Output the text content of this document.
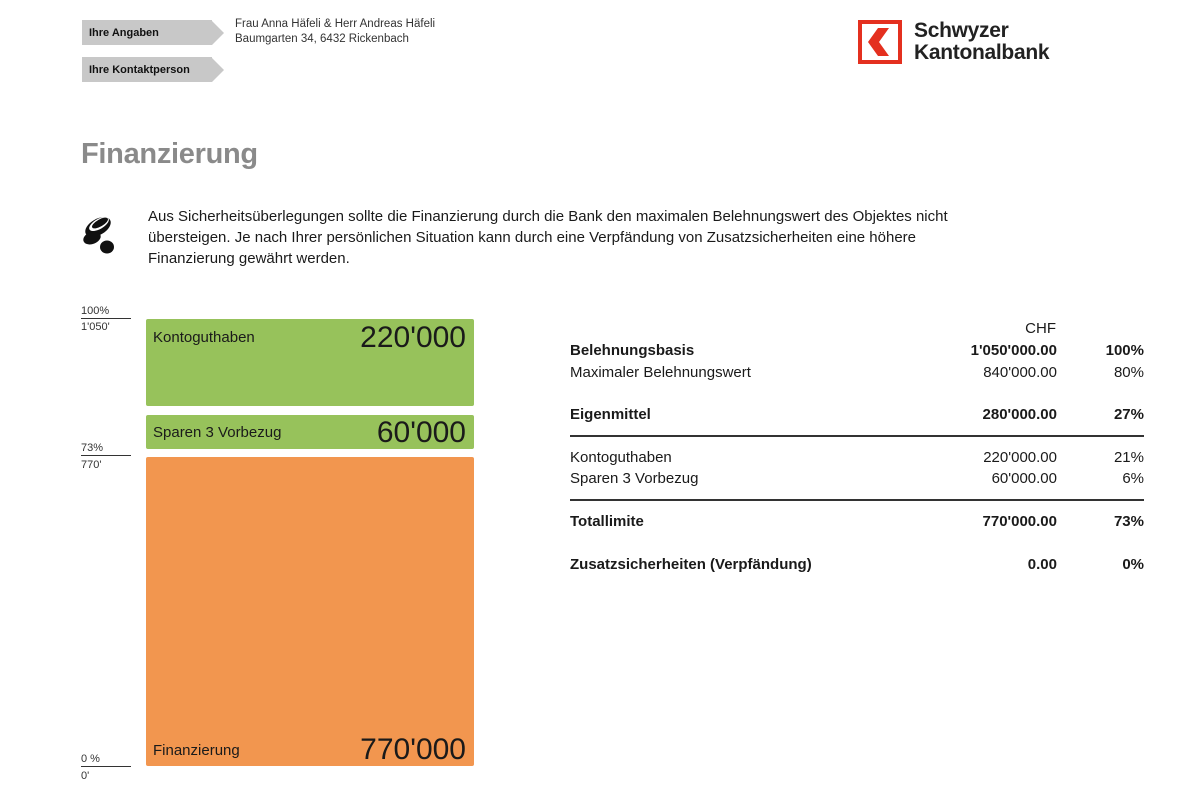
Ihre Angaben
Ihre Kontaktperson
Frau Anna Häfeli & Herr Andreas Häfeli
Baumgarten 34, 6432 Rickenbach	Schwyzer
Kantonalbank
Finanzierung
Aus Sicherheitsüberlegungen sollte die Finanzierung durch die Bank den maximalen Belehnungswert des Objektes nicht übersteigen. Je nach Ihrer persönlichen Situation kann durch eine Verpfändung von Zusatzsicherheiten eine höhere Finanzierung gewährt werden.
100%
1'050'
73%
770'
0 %
0'
Kontoguthaben	220'000
Sparen 3 Vorbezug	60'000
Finanzierung	770'000
CHF
Belehnungsbasis	1'050'000.00	100%
Maximaler Belehnungswert	840'000.00	80%
Eigenmittel	280'000.00	27%
Kontoguthaben	220'000.00	21%
Sparen 3 Vorbezug	60'000.00	6%
Totallimite	770'000.00	73%
Zusatzsicherheiten (Verpfändung)	0.00	0%
